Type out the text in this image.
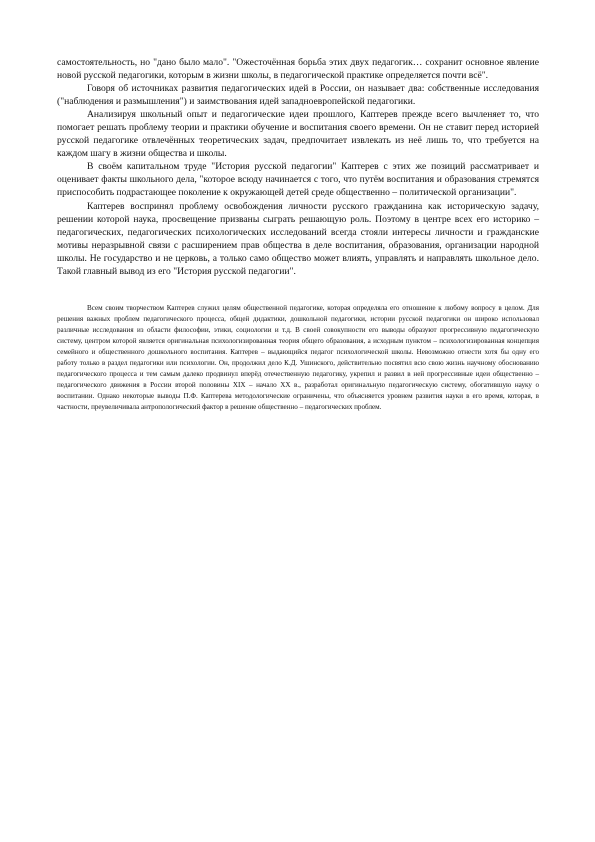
самостоятельность, но "дано было мало". "Ожесточённая борьба этих двух педагогик… сохранит основное явление новой русской педагогики, которым в жизни школы, в педагогической практике определяется почти всё".

Говоря об источниках развития педагогических идей в России, он называет два: собственные исследования ("наблюдения и размышления") и заимствования идей западноевропейской педагогики.

Анализируя школьный опыт и педагогические идеи прошлого, Каптерев прежде всего вычленяет то, что помогает решать проблему теории и практики обучение и воспитания своего времени. Он не ставит перед историей русской педагогике отвлечённых теоретических задач, предпочитает извлекать из неё лишь то, что требуется на каждом шагу в жизни общества и школы.

В своём капитальном труде "История русской педагогии" Каптерев с этих же позиций рассматривает и оценивает факты школьного дела, "которое всюду начинается с того, что путём воспитания и образования стремятся приспособить подрастающее поколение к окружающей детей среде общественно – политической организации".

Каптерев воспринял проблему освобождения личности русского гражданина как историческую задачу, решении которой наука, просвещение призваны сыграть решающую роль. Поэтому в центре всех его историко – педагогических, педагогических психологических исследований всегда стояли интересы личности и гражданские мотивы неразрывной связи с расширением прав общества в деле воспитания, образования, организации народной школы. Не государство и не церковь, а только само общество может влиять, управлять и направлять школьное дело. Такой главный вывод из его "История русской педагогии".

Всем своим творчеством Каптерев служил целям общественной педагогике, которая определяла его отношение к любому вопросу в целом. Для решения важных проблем педагогического процесса, общей дидактики, дошкольной педагогики, истории русской педагогики он широко использовал различные исследования из области философии, этики, социологии и т.д. В своей совокупности его выводы образуют прогрессивную педагогическую систему, центром которой является оригинальная психологизированная теория общего образования, а исходным пунктом – психологизированная концепция семейного и общественного дошкольного воспитания. Каптерев – выдающийся педагог психологической школы. Невозможно отнести хотя бы одну его работу только в раздел педагогики или психологии. Он, продолжил дело К.Д. Ушинского, действительно посвятил всю свою жизнь научному обоснованию педагогического процесса и тем самым далеко продвинул вперёд отечественную педагогику, укрепил и развил в ней прогрессивные идеи общественно – педагогического движения в России второй половины XIX – начало XX в., разработал оригинальную педагогическую систему, обогатившую науку о воспитании. Однако некоторые выводы П.Ф. Каптерева методологические ограничены, что объясняется уровнем развития науки в его время, которая, в частности, преувеличивала антропологический фактор в решение общественно – педагогических проблем.
